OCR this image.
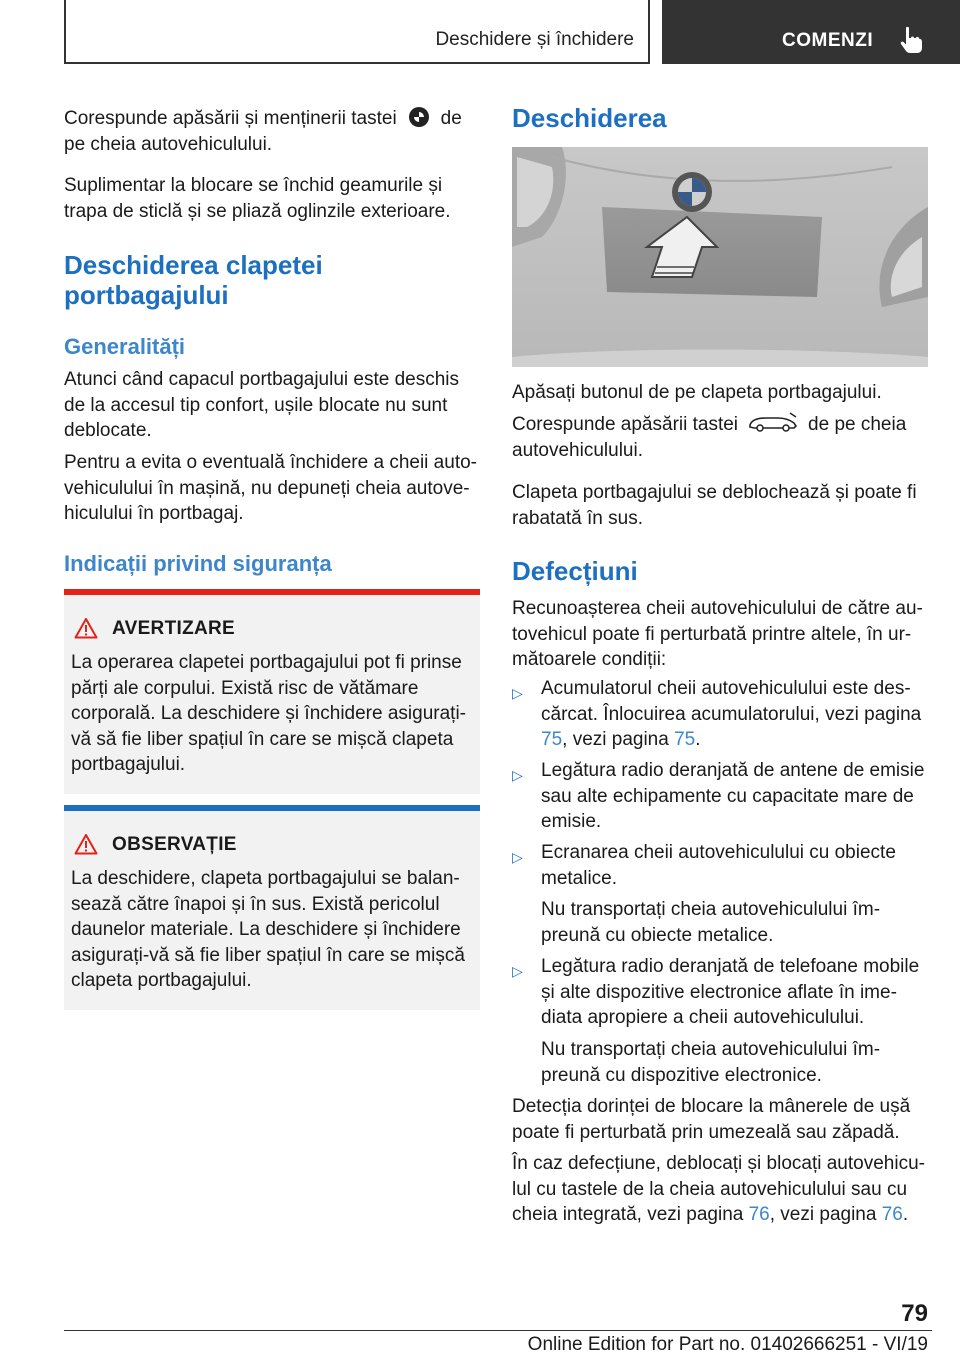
Deschidere și închidere	COMENZI
Corespunde apăsării și menținerii tastei de
pe cheia autovehiculului.
Suplimentar la blocare se închid geamurile și trapa de sticlă și se pliază oglinzile exterioare.
Deschiderea clapetei portbagajului
Generalități
Atunci când capacul portbagajului este deschis de la accesul tip confort, ușile blocate nu sunt deblocate.
Pentru a evita o eventuală închidere a cheii autovehiculului în mașină, nu depuneți cheia autovehiculului în portbagaj.
Indicații privind siguranța
AVERTIZARE
La operarea clapetei portbagajului pot fi prinse părți ale corpului. Există risc de vătămare corporală. La deschidere și închidere asigurați-vă să fie liber spațiul în care se mișcă clapeta portbagajului.
OBSERVAȚIE
La deschidere, clapeta portbagajului se balansează către înapoi și în sus. Există pericolul daunelor materiale. La deschidere și închidere asigurați-vă să fie liber spațiul în care se mișcă clapeta portbagajului.
Deschiderea
Apăsați butonul de pe clapeta portbagajului.
Corespunde apăsării tastei	de pe cheia
autovehiculului.
Clapeta portbagajului se deblochează și poate fi rabatată în sus.
Defecțiuni
Recunoașterea cheii autovehiculului de către autovehicul poate fi perturbată printre altele, în următoarele condiții:
▷ Acumulatorul cheii autovehiculului este descărcat. Înlocuirea acumulatorului, vezi pagina 75, vezi pagina 75.
▷ Legătura radio deranjată de antene de emisie sau alte echipamente cu capacitate mare de emisie.
▷ Ecranarea cheii autovehiculului cu obiecte metalice.
Nu transportați cheia autovehiculului împreună cu obiecte metalice.
▷ Legătura radio deranjată de telefoane mobile și alte dispozitive electronice aflate în imediata apropiere a cheii autovehiculului.
Nu transportați cheia autovehiculului împreună cu dispozitive electronice.
Detecția dorinței de blocare la mânerele de ușă poate fi perturbată prin umezeală sau zăpadă.
În caz defecțiune, deblocați și blocați autovehiculul cu tastele de la cheia autovehiculului sau cu cheia integrată, vezi pagina 76, vezi pagina 76.
79
Online Edition for Part no. 01402666251 - VI/19
